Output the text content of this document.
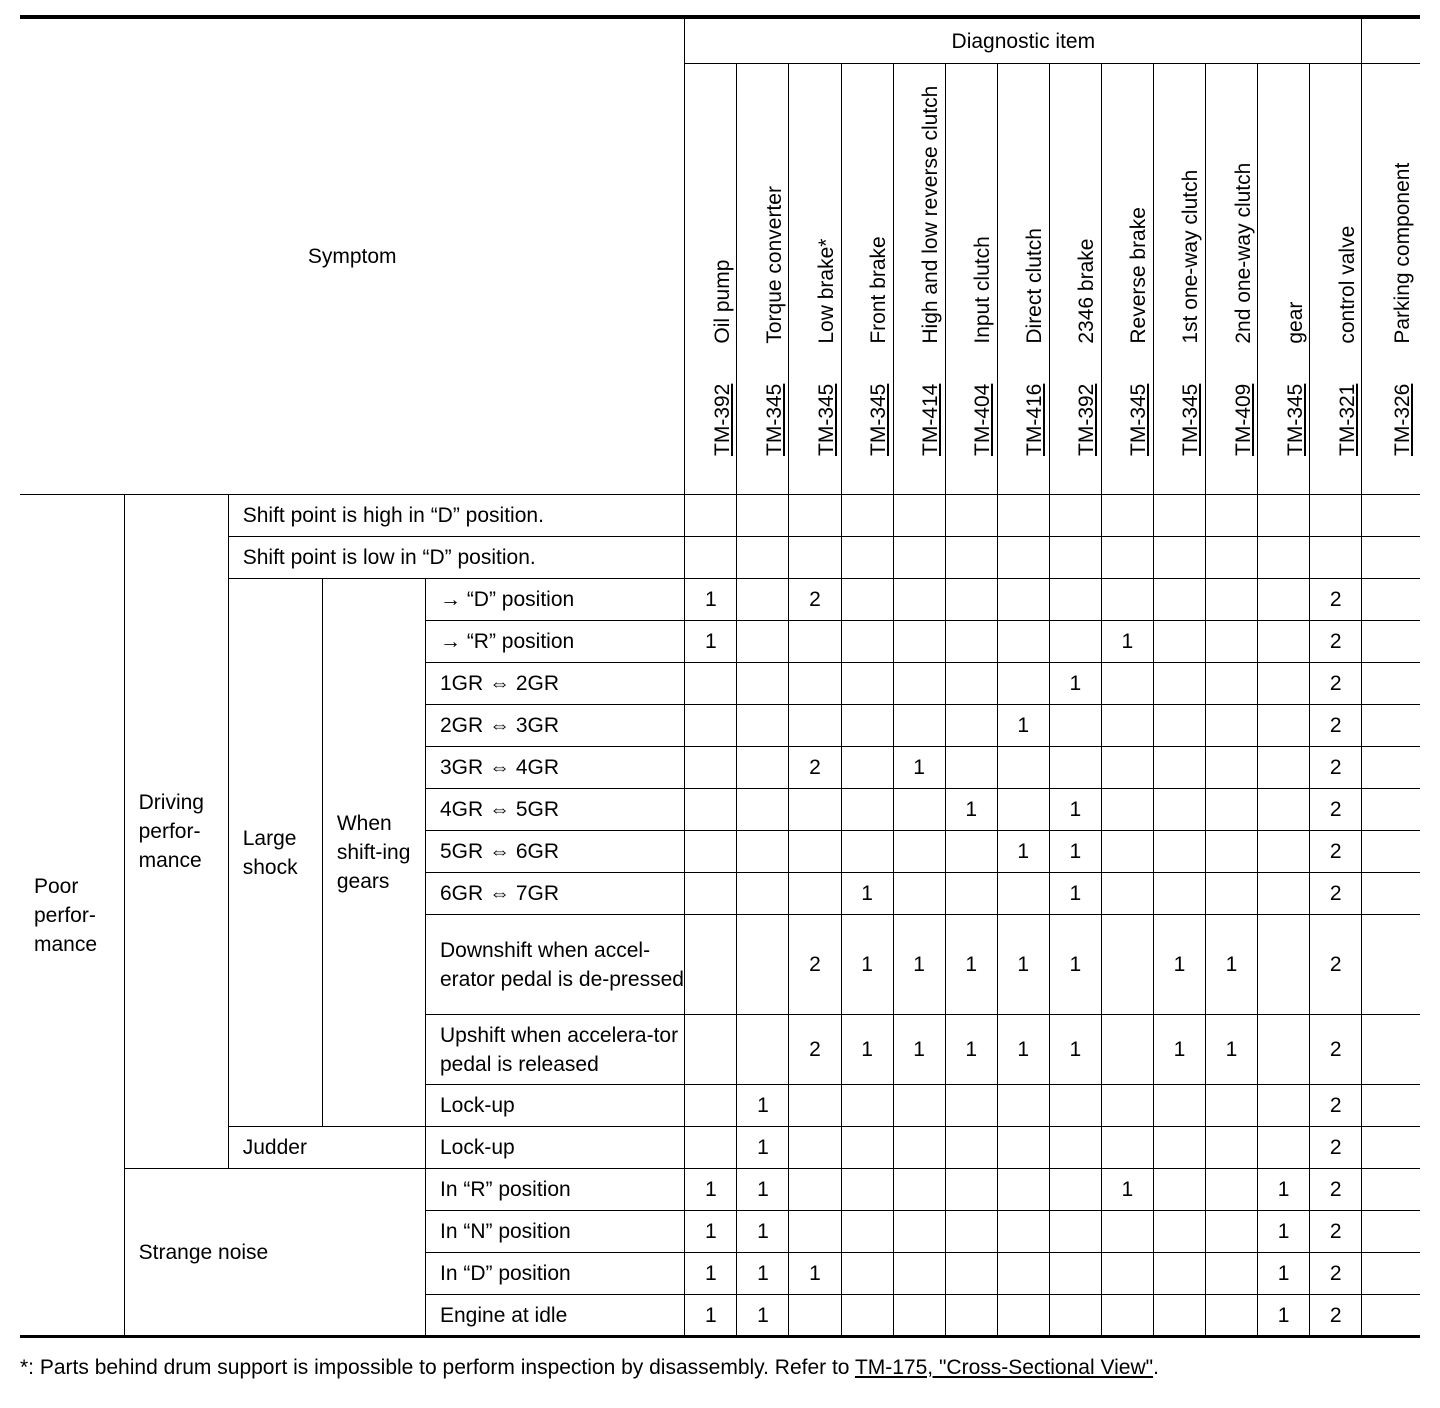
Symptom					Diagnostic item													

					TM-392Oil pump	TM-345Torque converter	TM-345Low brake*	TM-345Front brake	TM-414High and low reverse clutch	TM-404Input clutch	TM-416Direct clutch	TM-3922346 brake	TM-345Reverse brake	TM-3451st one-way clutch	TM-4092nd one-way clutch	TM-345gear	TM-321control valve	TM-326Parking component

Poor perfor-mance	Driving perfor-mance	Shift point is high in “D” position.																
		Shift point is low in “D” position.																
		Large shock	When shift-ing gears	→ “D” position	1		2										2	
				→ “R” position	1								1				2	
				1GR ⇔ 2GR								1					2	
				2GR ⇔ 3GR							1						2	
				3GR ⇔ 4GR			2		1								2	
				4GR ⇔ 5GR						1		1					2	
				5GR ⇔ 6GR							1	1					2	
				6GR ⇔ 7GR				1				1					2	
				Downshift when accel-erator pedal is de-pressed			2	1	1	1	1	1		1	1		2	
				Upshift when accelera-tor pedal is released			2	1	1	1	1	1		1	1		2	
				Lock-up		1											2	
		Judder		Lock-up		1											2	
	Strange noise			In “R” position	1	1							1			1	2	
				In “N” position	1	1										1	2	
				In “D” position	1	1	1									1	2	
				Engine at idle	1	1										1	2	
*: Parts behind drum support is impossible to perform inspection by disassembly. Refer to TM-175, "Cross-Sectional View".
